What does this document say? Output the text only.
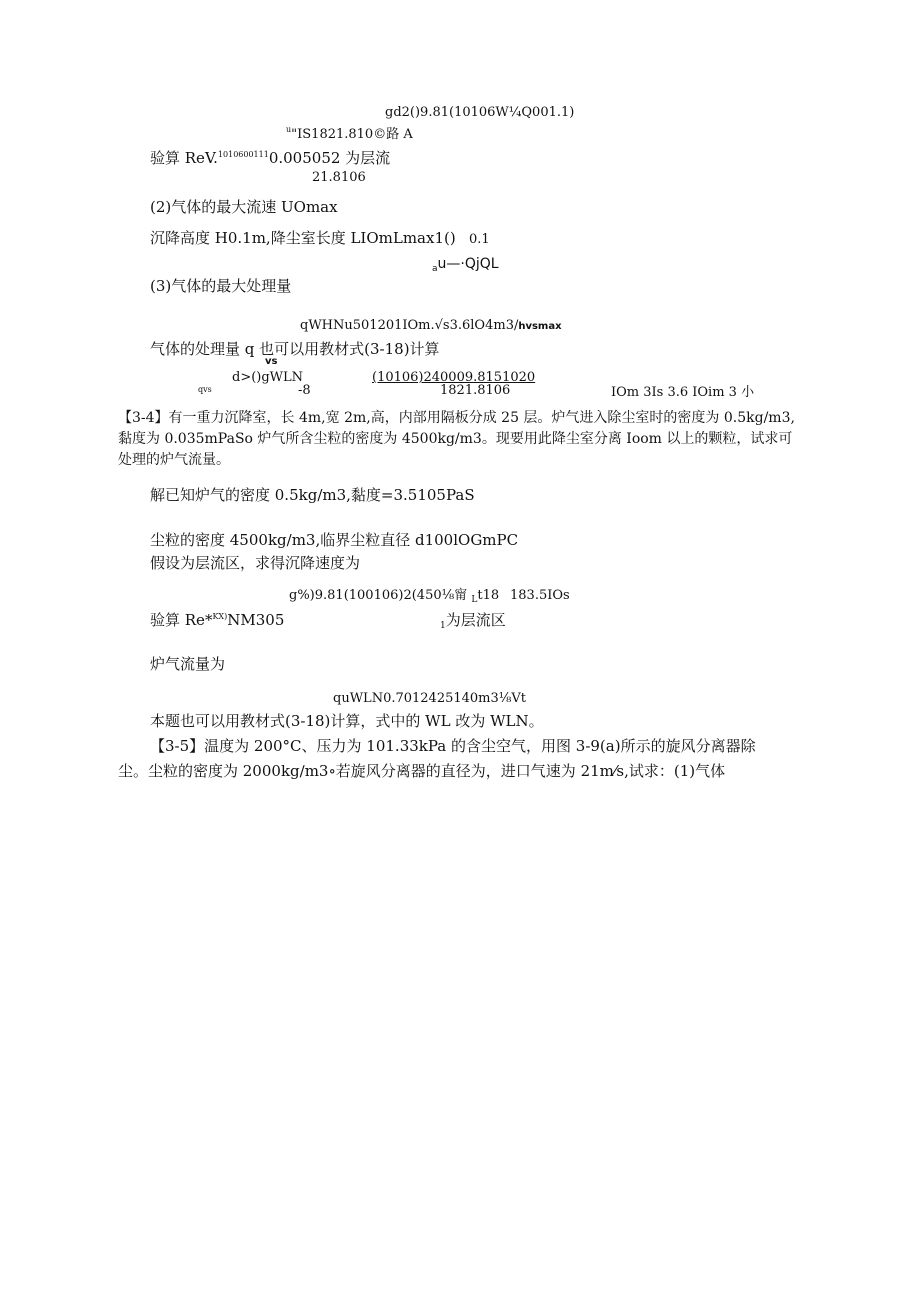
gd2()9.81(10106W¼Q001.1)
$^u$"IS1821.810©路 A
验算 ReV.$^{1010600111}$0.005052 为层流
21.8106
(2)气体的最大流速 UOmax
沉降高度 H0.1m,降尘室长度 LIOmLmax1() 0.1
$_a$u—·QjQL
(3)气体的最大处理量
qWHNu501201IOm.√s3.6lO4m3/hvsmax
气体的处理量 q 也可以用教材式(3-18)计算
vs
d>()gWLN	(10106)240009.8151020
qvs	-8	1821.8106	IOm 3Is 3.6 IOim 3 小
【3-4】有一重力沉降室，长 4m,宽 2m,高，内部用隔板分成 25 层。炉气进入除尘室时的密度为 0.5kg/m3,黏度为 0.035mPaSo 炉气所含尘粒的密度为 4500kg/m3。现要用此降尘室分离 Ioom 以上的颗粒，试求可处理的炉气流量。
解已知炉气的密度 0.5kg/m3,黏度=3.5105PaS
尘粒的密度 4500kg/m3,临界尘粒直径 d100lOGmPC
假设为层流区，求得沉降速度为
g%)9.81(100106)2(450⅛甯 $_L$t18 183.5IOs
验算 Re*$^{KX)}$NM305	$_1$为层流区
炉气流量为
quWLN0.7012425140m3⅛Vt
本题也可以用教材式(3-18)计算，式中的 WL 改为 WLN。
【3-5】温度为 200°C、压力为 101.33kPa 的含尘空气，用图 3-9(a)所示的旋风分离器除
尘。尘粒的密度为 2000kg∕m3∘若旋风分离器的直径为，进口气速为 21m⁄s,试求：(1)气体
